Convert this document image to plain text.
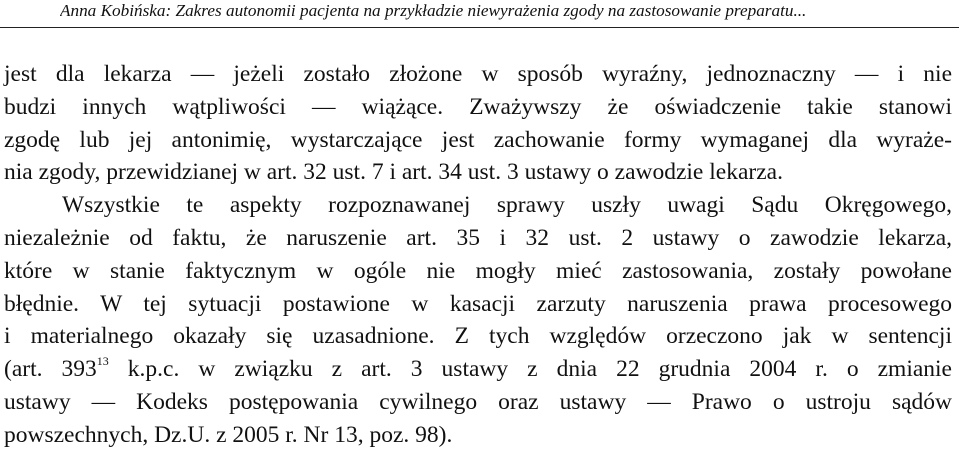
Anna Kobińska: Zakres autonomii pacjenta na przykładzie niewyrażenia zgody na zastosowanie preparatu...
jest dla lekarza — jeżeli zostało złożone w sposób wyraźny, jednoznaczny — i nie
budzi innych wątpliwości — wiążące. Zważywszy że oświadczenie takie stanowi
zgodę lub jej antonimię, wystarczające jest zachowanie formy wymaganej dla wyraże-
nia zgody, przewidzianej w art. 32 ust. 7 i art. 34 ust. 3 ustawy o zawodzie lekarza.
Wszystkie te aspekty rozpoznawanej sprawy uszły uwagi Sądu Okręgowego,
niezależnie od faktu, że naruszenie art. 35 i 32 ust. 2 ustawy o zawodzie lekarza,
które w stanie faktycznym w ogóle nie mogły mieć zastosowania, zostały powołane
błędnie. W tej sytuacji postawione w kasacji zarzuty naruszenia prawa procesowego
i materialnego okazały się uzasadnione. Z tych względów orzeczono jak w sentencji
(art. $393^{13}$ k.p.c. w związku z art. 3 ustawy z dnia 22 grudnia 2004 r. o zmianie
ustawy — Kodeks postępowania cywilnego oraz ustawy — Prawo o ustroju sądów
powszechnych, Dz.U. z 2005 r. Nr 13, poz. 98).
